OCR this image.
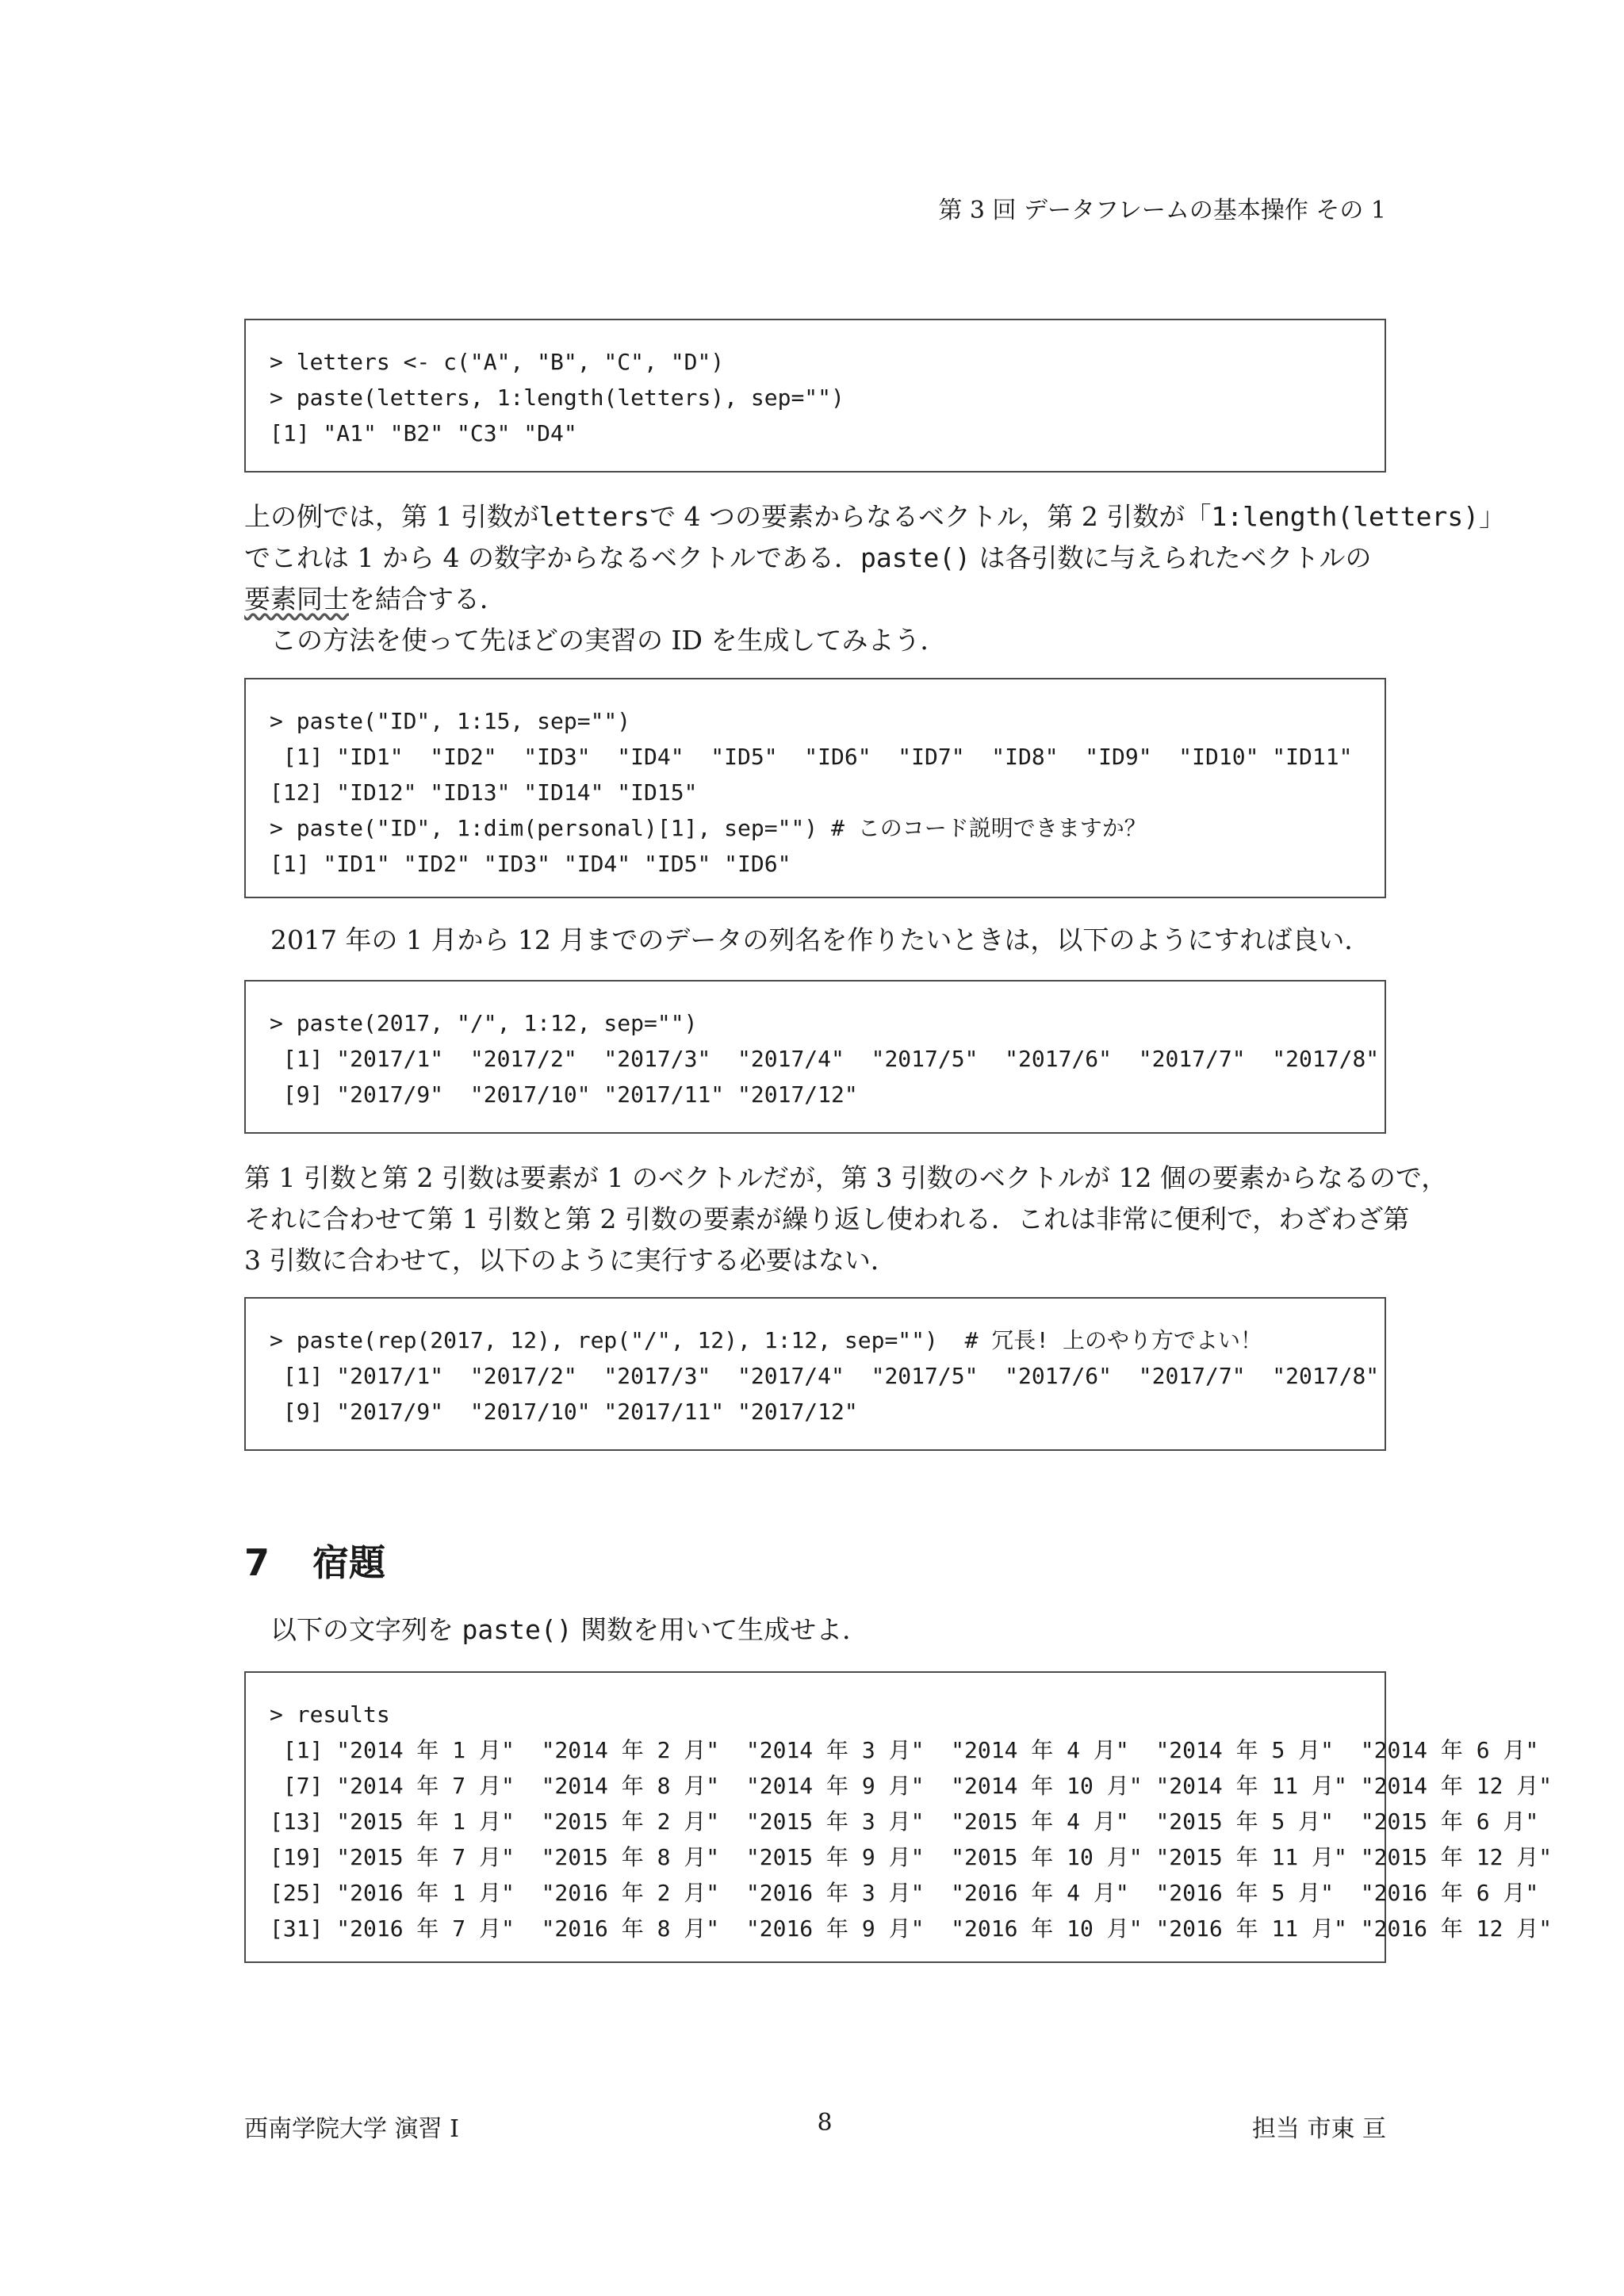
第 3 回 データフレームの基本操作 その 1
> letters <- c("A", "B", "C", "D")
> paste(letters, 1:length(letters), sep="")
[1] "A1" "B2" "C3" "D4"
上の例では，第 1 引数がlettersで 4 つの要素からなるベクトル，第 2 引数が「1:length(letters)」
でこれは 1 から 4 の数字からなるベクトルである．paste() は各引数に与えられたベクトルの
要素同士を結合する．
この方法を使って先ほどの実習の ID を生成してみよう．
> paste("ID", 1:15, sep="")
[1] "ID1"  "ID2"  "ID3"  "ID4"  "ID5"  "ID6"  "ID7"  "ID8"  "ID9"  "ID10" "ID11"
[12] "ID12" "ID13" "ID14" "ID15"
> paste("ID", 1:dim(personal)[1], sep="") # このコード説明できますか？
[1] "ID1" "ID2" "ID3" "ID4" "ID5" "ID6"
2017 年の 1 月から 12 月までのデータの列名を作りたいときは，以下のようにすれば良い．
> paste(2017, "/", 1:12, sep="")
[1] "2017/1"  "2017/2"  "2017/3"  "2017/4"  "2017/5"  "2017/6"  "2017/7"  "2017/8"
[9] "2017/9"  "2017/10" "2017/11" "2017/12"
第 1 引数と第 2 引数は要素が 1 のベクトルだが，第 3 引数のベクトルが 12 個の要素からなるので，
それに合わせて第 1 引数と第 2 引数の要素が繰り返し使われる．これは非常に便利で，わざわざ第
3 引数に合わせて，以下のように実行する必要はない．
> paste(rep(2017, 12), rep("/", 12), 1:12, sep="")  # 冗長! 上のやり方でよい！
[1] "2017/1"  "2017/2"  "2017/3"  "2017/4"  "2017/5"  "2017/6"  "2017/7"  "2017/8"
[9] "2017/9"  "2017/10" "2017/11" "2017/12"
7 宿題
以下の文字列を paste() 関数を用いて生成せよ．
> results
[1] "2014 年 1 月"  "2014 年 2 月"  "2014 年 3 月"  "2014 年 4 月"  "2014 年 5 月"  "2014 年 6 月"
[7] "2014 年 7 月"  "2014 年 8 月"  "2014 年 9 月"  "2014 年 10 月" "2014 年 11 月" "2014 年 12 月"
[13] "2015 年 1 月"  "2015 年 2 月"  "2015 年 3 月"  "2015 年 4 月"  "2015 年 5 月"  "2015 年 6 月"
[19] "2015 年 7 月"  "2015 年 8 月"  "2015 年 9 月"  "2015 年 10 月" "2015 年 11 月" "2015 年 12 月"
[25] "2016 年 1 月"  "2016 年 2 月"  "2016 年 3 月"  "2016 年 4 月"  "2016 年 5 月"  "2016 年 6 月"
[31] "2016 年 7 月"  "2016 年 8 月"  "2016 年 9 月"  "2016 年 10 月" "2016 年 11 月" "2016 年 12 月"
西南学院大学 演習 I	8	担当 市東 亘
